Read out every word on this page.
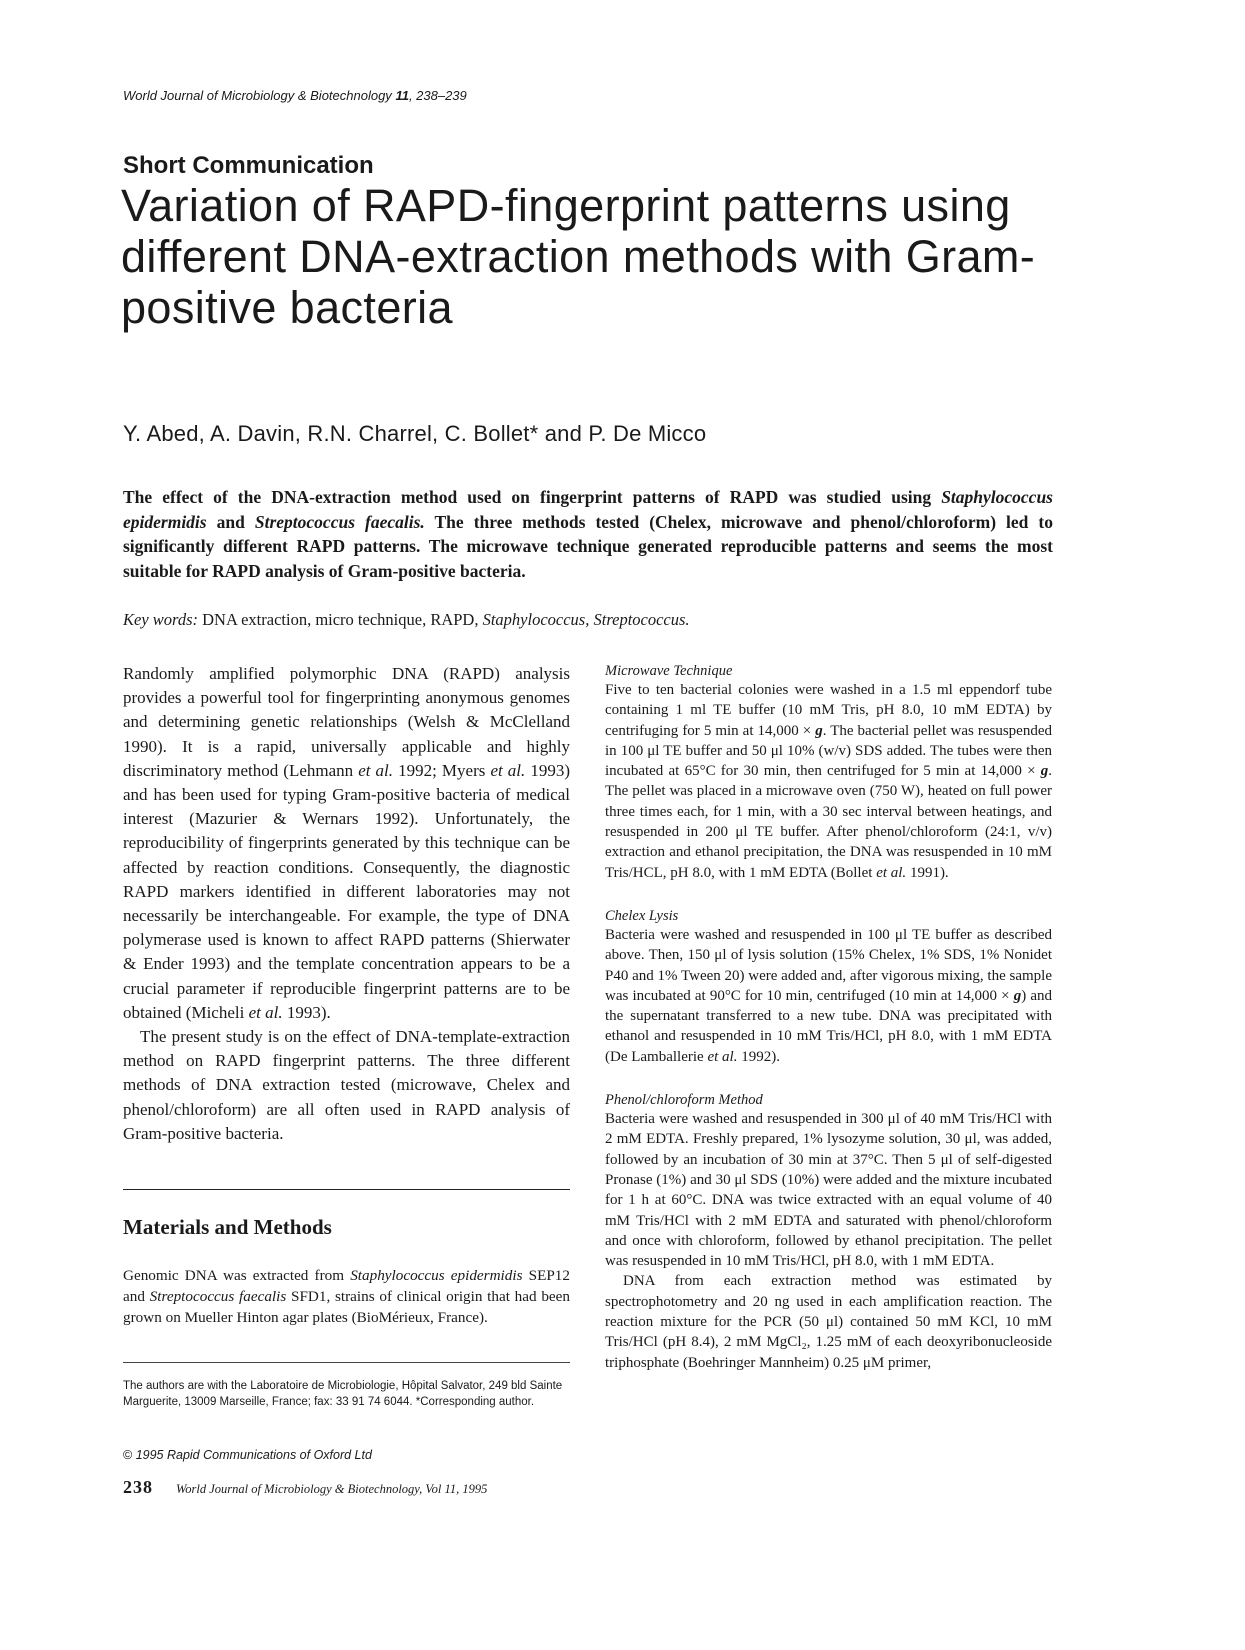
World Journal of Microbiology & Biotechnology 11, 238–239
Short Communication
Variation of RAPD-fingerprint patterns using different DNA-extraction methods with Gram-positive bacteria
Y. Abed, A. Davin, R.N. Charrel, C. Bollet* and P. De Micco
The effect of the DNA-extraction method used on fingerprint patterns of RAPD was studied using Staphylococcus epidermidis and Streptococcus faecalis. The three methods tested (Chelex, microwave and phenol/chloroform) led to significantly different RAPD patterns. The microwave technique generated reproducible patterns and seems the most suitable for RAPD analysis of Gram-positive bacteria.
Key words: DNA extraction, micro technique, RAPD, Staphylococcus, Streptococcus.

Randomly amplified polymorphic DNA (RAPD) analysis provides a powerful tool for fingerprinting anonymous genomes and determining genetic relationships (Welsh & McClelland 1990). It is a rapid, universally applicable and highly discriminatory method (Lehmann et al. 1992; Myers et al. 1993) and has been used for typing Gram-positive bacteria of medical interest (Mazurier & Wernars 1992). Unfortunately, the reproducibility of fingerprints generated by this technique can be affected by reaction conditions. Consequently, the diagnostic RAPD markers identified in different laboratories may not necessarily be interchangeable. For example, the type of DNA polymerase used is known to affect RAPD patterns (Shierwater & Ender 1993) and the template concentration appears to be a crucial parameter if reproducible fingerprint patterns are to be obtained (Micheli et al. 1993).

The present study is on the effect of DNA-template-extraction method on RAPD fingerprint patterns. The three different methods of DNA extraction tested (microwave, Chelex and phenol/chloroform) are all often used in RAPD analysis of Gram-positive bacteria.

Materials and Methods
Genomic DNA was extracted from Staphylococcus epidermidis SEP12 and Streptococcus faecalis SFD1, strains of clinical origin that had been grown on Mueller Hinton agar plates (BioMérieux, France).
The authors are with the Laboratoire de Microbiologie, Hôpital Salvator, 249 bld Sainte Marguerite, 13009 Marseille, France; fax: 33 91 74 6044. *Corresponding author.
© 1995 Rapid Communications of Oxford Ltd
238 World Journal of Microbiology & Biotechnology, Vol 11, 1995
Microwave Technique

Five to ten bacterial colonies were washed in a 1.5 ml eppendorf tube containing 1 ml TE buffer (10 mM Tris, pH 8.0, 10 mM EDTA) by centrifuging for 5 min at 14,000 × g. The bacterial pellet was resuspended in 100 μl TE buffer and 50 μl 10% (w/v) SDS added. The tubes were then incubated at 65°C for 30 min, then centrifuged for 5 min at 14,000 × g. The pellet was placed in a microwave oven (750 W), heated on full power three times each, for 1 min, with a 30 sec interval between heatings, and resuspended in 200 μl TE buffer. After phenol/chloroform (24:1, v/v) extraction and ethanol precipitation, the DNA was resuspended in 10 mM Tris/HCL, pH 8.0, with 1 mM EDTA (Bollet et al. 1991).

Chelex Lysis

Bacteria were washed and resuspended in 100 μl TE buffer as described above. Then, 150 μl of lysis solution (15% Chelex, 1% SDS, 1% Nonidet P40 and 1% Tween 20) were added and, after vigorous mixing, the sample was incubated at 90°C for 10 min, centrifuged (10 min at 14,000 × g) and the supernatant transferred to a new tube. DNA was precipitated with ethanol and resuspended in 10 mM Tris/HCl, pH 8.0, with 1 mM EDTA (De Lamballerie et al. 1992).

Phenol/chloroform Method

Bacteria were washed and resuspended in 300 μl of 40 mM Tris/HCl with 2 mM EDTA. Freshly prepared, 1% lysozyme solution, 30 μl, was added, followed by an incubation of 30 min at 37°C. Then 5 μl of self-digested Pronase (1%) and 30 μl SDS (10%) were added and the mixture incubated for 1 h at 60°C. DNA was twice extracted with an equal volume of 40 mM Tris/HCl with 2 mM EDTA and saturated with phenol/chloroform and once with chloroform, followed by ethanol precipitation. The pellet was resuspended in 10 mM Tris/HCl, pH 8.0, with 1 mM EDTA.

DNA from each extraction method was estimated by spectrophotometry and 20 ng used in each amplification reaction. The reaction mixture for the PCR (50 μl) contained 50 mM KCl, 10 mM Tris/HCl (pH 8.4), 2 mM MgCl₂, 1.25 mM of each deoxyribonucleoside triphosphate (Boehringer Mannheim) 0.25 μM primer,
